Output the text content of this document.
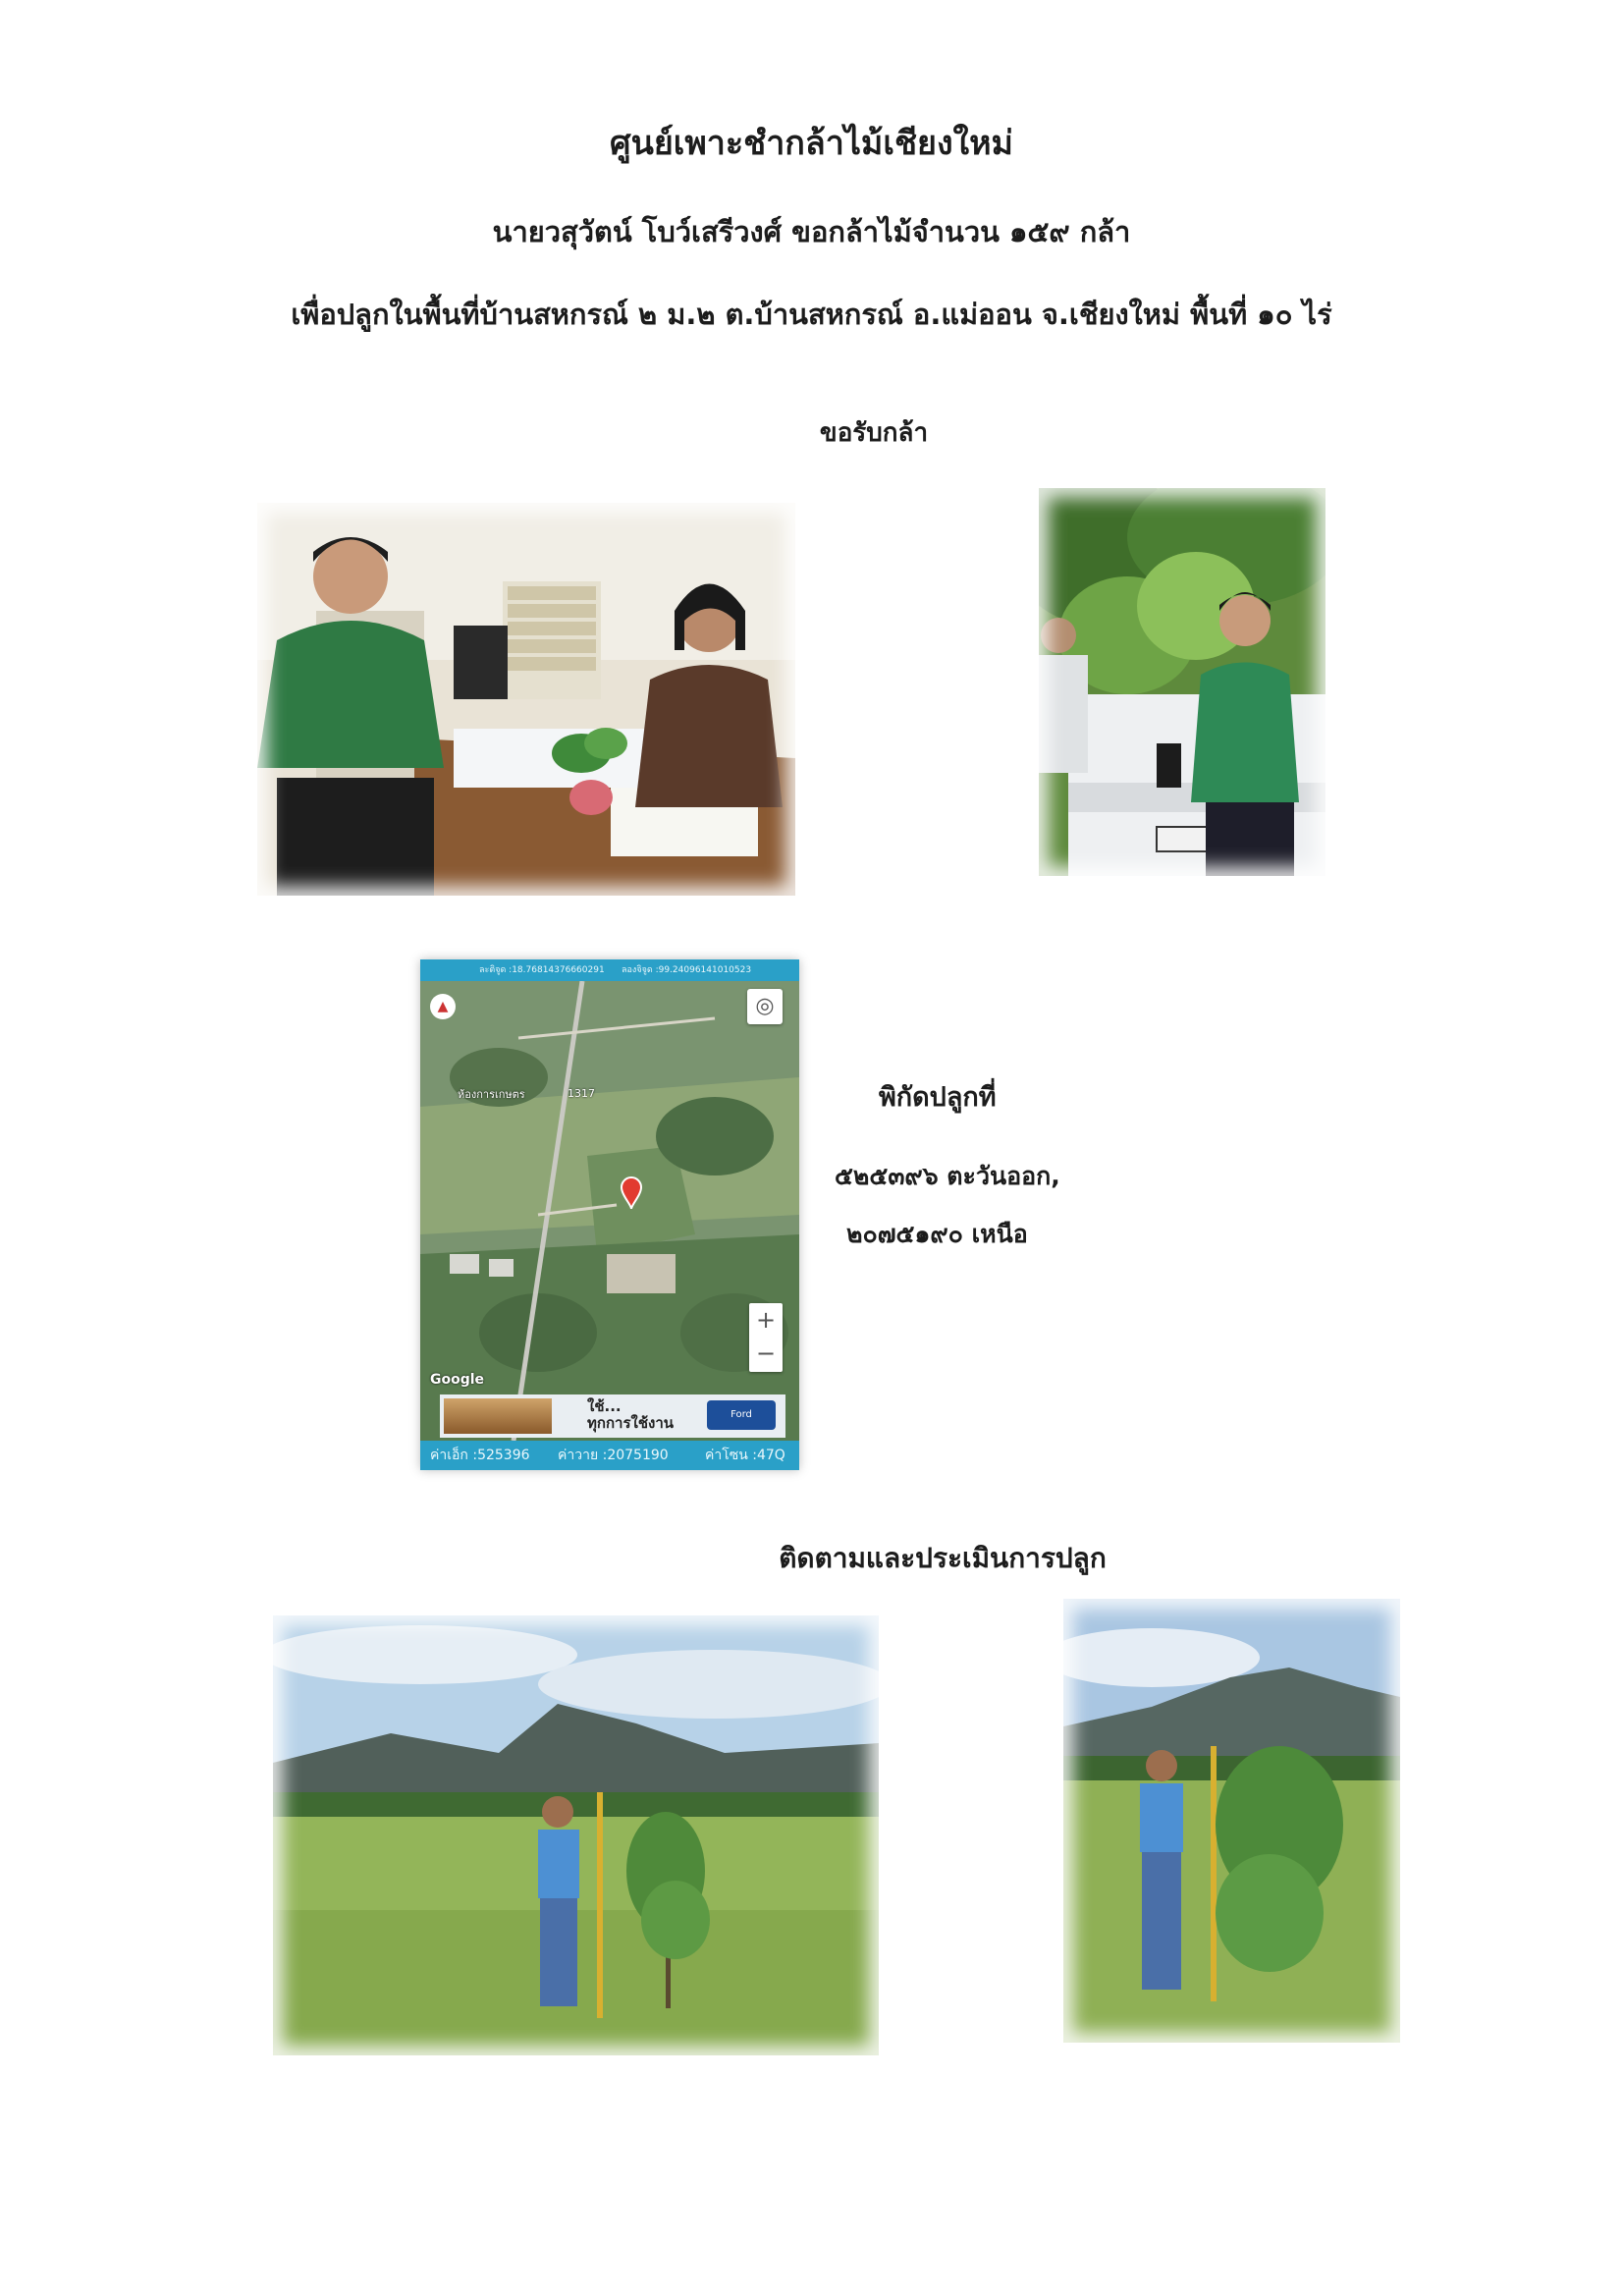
ศูนย์เพาะชำกล้าไม้เชียงใหม่
นายวสุวัตน์ โบว์เสรีวงศ์ ขอกล้าไม้จำนวน ๑๕๙ กล้า
เพื่อปลูกในพื้นที่บ้านสหกรณ์ ๒ ม.๒ ต.บ้านสหกรณ์ อ.แม่ออน จ.เชียงใหม่ พื้นที่ ๑๐ ไร่
ขอรับกล้า
ละติจูด :18.76814376660291 ลองจิจูด :99.24096141010523
▲	◎
ห้องการเกษตร	1317
+
−
Google
ใช้...
ทุกการใช้งาน	Ford
ค่าเอ็ก :525396 ค่าวาย :2075190	ค่าโซน :47Q
พิกัดปลูกที่
๕๒๕๓๙๖ ตะวันออก,
๒๐๗๕๑๙๐ เหนือ
ติดตามและประเมินการปลูก
